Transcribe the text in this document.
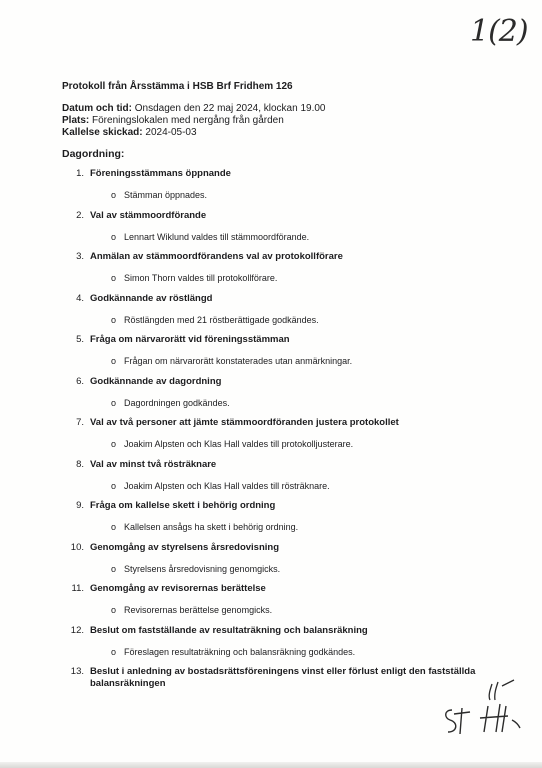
1(2)
Protokoll från Årsstämma i HSB Brf Fridhem 126
Datum och tid: Onsdagen den 22 maj 2024, klockan 19.00
Plats: Föreningslokalen med nergång från gården
Kallelse skickad: 2024-05-03
Dagordning:
1. Föreningsstämmans öppnande
o Stämman öppnades.
2. Val av stämmoordförande
o Lennart Wiklund valdes till stämmoordförande.
3. Anmälan av stämmoordförandens val av protokollförare
o Simon Thorn valdes till protokollförare.
4. Godkännande av röstlängd
o Röstlängden med 21 röstberättigade godkändes.
5. Fråga om närvarorätt vid föreningsstämman
o Frågan om närvarorätt konstaterades utan anmärkningar.
6. Godkännande av dagordning
o Dagordningen godkändes.
7. Val av två personer att jämte stämmoordföranden justera protokollet
o Joakim Alpsten och Klas Hall valdes till protokolljusterare.
8. Val av minst två rösträknare
o Joakim Alpsten och Klas Hall valdes till rösträknare.
9. Fråga om kallelse skett i behörig ordning
o Kallelsen ansågs ha skett i behörig ordning.
10. Genomgång av styrelsens årsredovisning
o Styrelsens årsredovisning genomgicks.
11. Genomgång av revisorernas berättelse
o Revisorernas berättelse genomgicks.
12. Beslut om fastställande av resultaträkning och balansräkning
o Föreslagen resultaträkning och balansräkning godkändes.
13. Beslut i anledning av bostadsrättsföreningens vinst eller förlust enligt den fastställda balansräkningen
